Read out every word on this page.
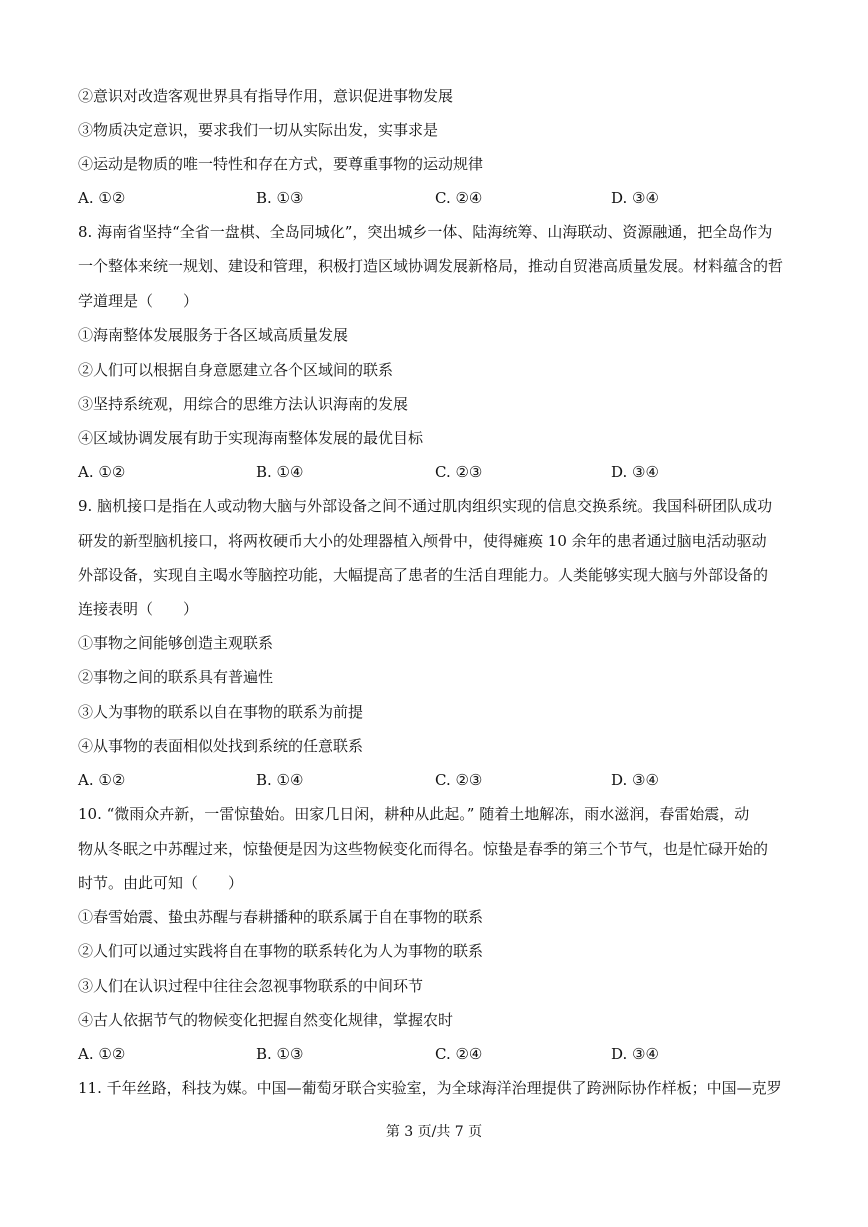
②意识对改造客观世界具有指导作用，意识促进事物发展
③物质决定意识，要求我们一切从实际出发，实事求是
④运动是物质的唯一特性和存在方式，要尊重事物的运动规律
A. ①②	B. ①③	C. ②④	D. ③④
8. 海南省坚持“全省一盘棋、全岛同城化”，突出城乡一体、陆海统筹、山海联动、资源融通，把全岛作为
一个整体来统一规划、建设和管理，积极打造区域协调发展新格局，推动自贸港高质量发展。材料蕴含的哲
学道理是（　　）
①海南整体发展服务于各区域高质量发展
②人们可以根据自身意愿建立各个区域间的联系
③坚持系统观，用综合的思维方法认识海南的发展
④区域协调发展有助于实现海南整体发展的最优目标
A. ①②	B. ①④	C. ②③	D. ③④
9. 脑机接口是指在人或动物大脑与外部设备之间不通过肌肉组织实现的信息交换系统。我国科研团队成功
研发的新型脑机接口，将两枚硬币大小的处理器植入颅骨中，使得瘫痪 10 余年的患者通过脑电活动驱动
外部设备，实现自主喝水等脑控功能，大幅提高了患者的生活自理能力。人类能够实现大脑与外部设备的
连接表明（　　）
①事物之间能够创造主观联系
②事物之间的联系具有普遍性
③人为事物的联系以自在事物的联系为前提
④从事物的表面相似处找到系统的任意联系
A. ①②	B. ①④	C. ②③	D. ③④
10. “微雨众卉新，一雷惊蛰始。田家几日闲，耕种从此起。” 随着土地解冻，雨水滋润，春雷始震，动
物从冬眠之中苏醒过来，惊蛰便是因为这些物候变化而得名。惊蛰是春季的第三个节气，也是忙碌开始的
时节。由此可知（　　）
①春雪始震、蛰虫苏醒与春耕播种的联系属于自在事物的联系
②人们可以通过实践将自在事物的联系转化为人为事物的联系
③人们在认识过程中往往会忽视事物联系的中间环节
④古人依据节气的物候变化把握自然变化规律，掌握农时
A. ①②	B. ①③	C. ②④	D. ③④
11. 千年丝路，科技为媒。中国—葡萄牙联合实验室，为全球海洋治理提供了跨洲际协作样板；中国—克罗
第 3 页/共 7 页
